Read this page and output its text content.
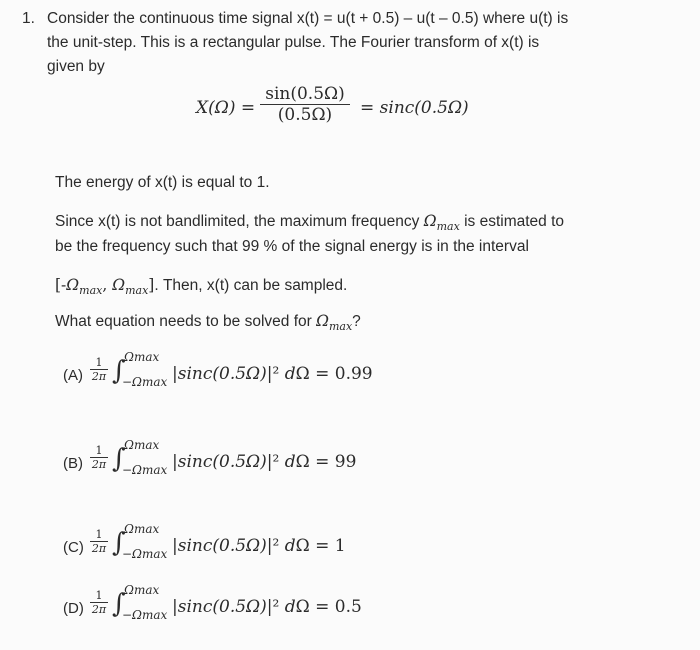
1. Consider the continuous time signal x(t) = u(t + 0.5) – u(t – 0.5) where u(t) is
the unit-step. This is a rectangular pulse. The Fourier transform of x(t) is
given by
X(Ω) =
sin(0.5Ω)
(0.5Ω)	= sinc(0.5Ω)
The energy of x(t) is equal to 1.
Since x(t) is not bandlimited, the maximum frequency $\Omega_{max}$ is estimated to
be the frequency such that 99 % of the signal energy is in the interval
[$-\Omega_{max}$, $\Omega_{max}$]. Then, x(t) can be sampled.
What equation needs to be solved for $\Omega_{max}$?
(A)
1
2π ∫
Ωmax
−Ωmax |sinc(0.5Ω)|² dΩ = 0.99
(B)
1
2π ∫
Ωmax
−Ωmax |sinc(0.5Ω)|² dΩ = 99
(C)
1
2π ∫
Ωmax
−Ωmax |sinc(0.5Ω)|² dΩ = 1
(D)
1
2π ∫
Ωmax
−Ωmax |sinc(0.5Ω)|² dΩ = 0.5
